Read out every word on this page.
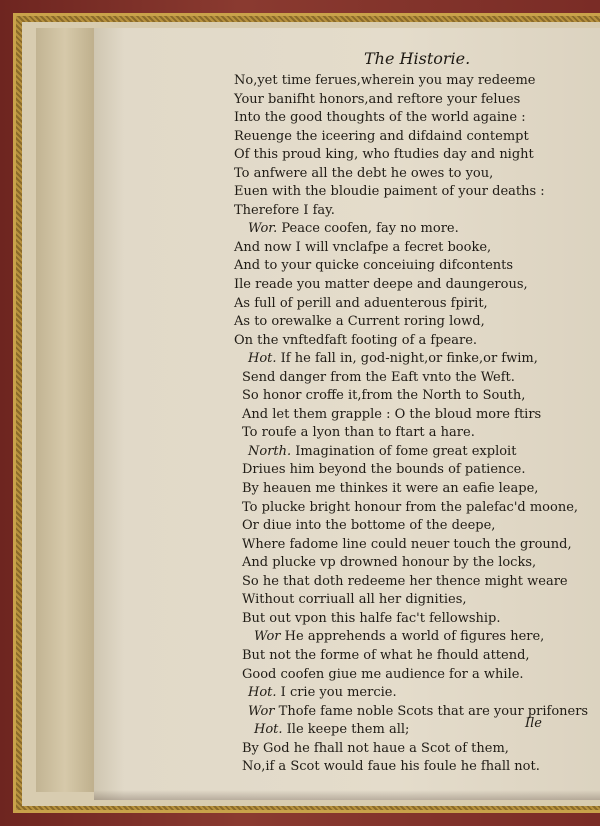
The Historie.
No,yet time ferues,wherein you may redeeme
Your banifht honors,and reftore your felues
Into the good thoughts of the world againe :
Reuenge the iceering and difdaind contempt
Of this proud king, who ftudies day and night
To anfwere all the debt he owes to you,
Euen with the bloudie paiment of your deaths :
Therefore I fay.
Wor. Peace coofen, fay no more.
And now I will vnclafpe a fecret booke,
And to your quicke conceiuing difcontents
Ile reade you matter deepe and daungerous,
As full of perill and aduenterous fpirit,
As to orewalke a Current roring lowd,
On the vnftedfaft footing of a fpeare.
Hot. If he fall in, god-night,or finke,or fwim,
Send danger from the Eaft vnto the Weft.
So honor croffe it,from the North to South,
And let them grapple : O the bloud more ftirs
To roufe a lyon than to ftart a hare.
North. Imagination of fome great exploit
Driues him beyond the bounds of patience.
By heauen me thinkes it were an eafie leape,
To plucke bright honour from the palefac'd moone,
Or diue into the bottome of the deepe,
Where fadome line could neuer touch the ground,
And plucke vp drowned honour by the locks,
So he that doth redeeme her thence might weare
Without corriuall all her dignities,
But out vpon this halfe fac't fellowship.
Wor He apprehends a world of figures here,
But not the forme of what he fhould attend,
Good coofen giue me audience for a while.
Hot. I crie you mercie.
Wor Thofe fame noble Scots that are your prifoners
Hot. Ile keepe them all;
By God he fhall not haue a Scot of them,
No,if a Scot would faue his foule he fhall not.
Ile
